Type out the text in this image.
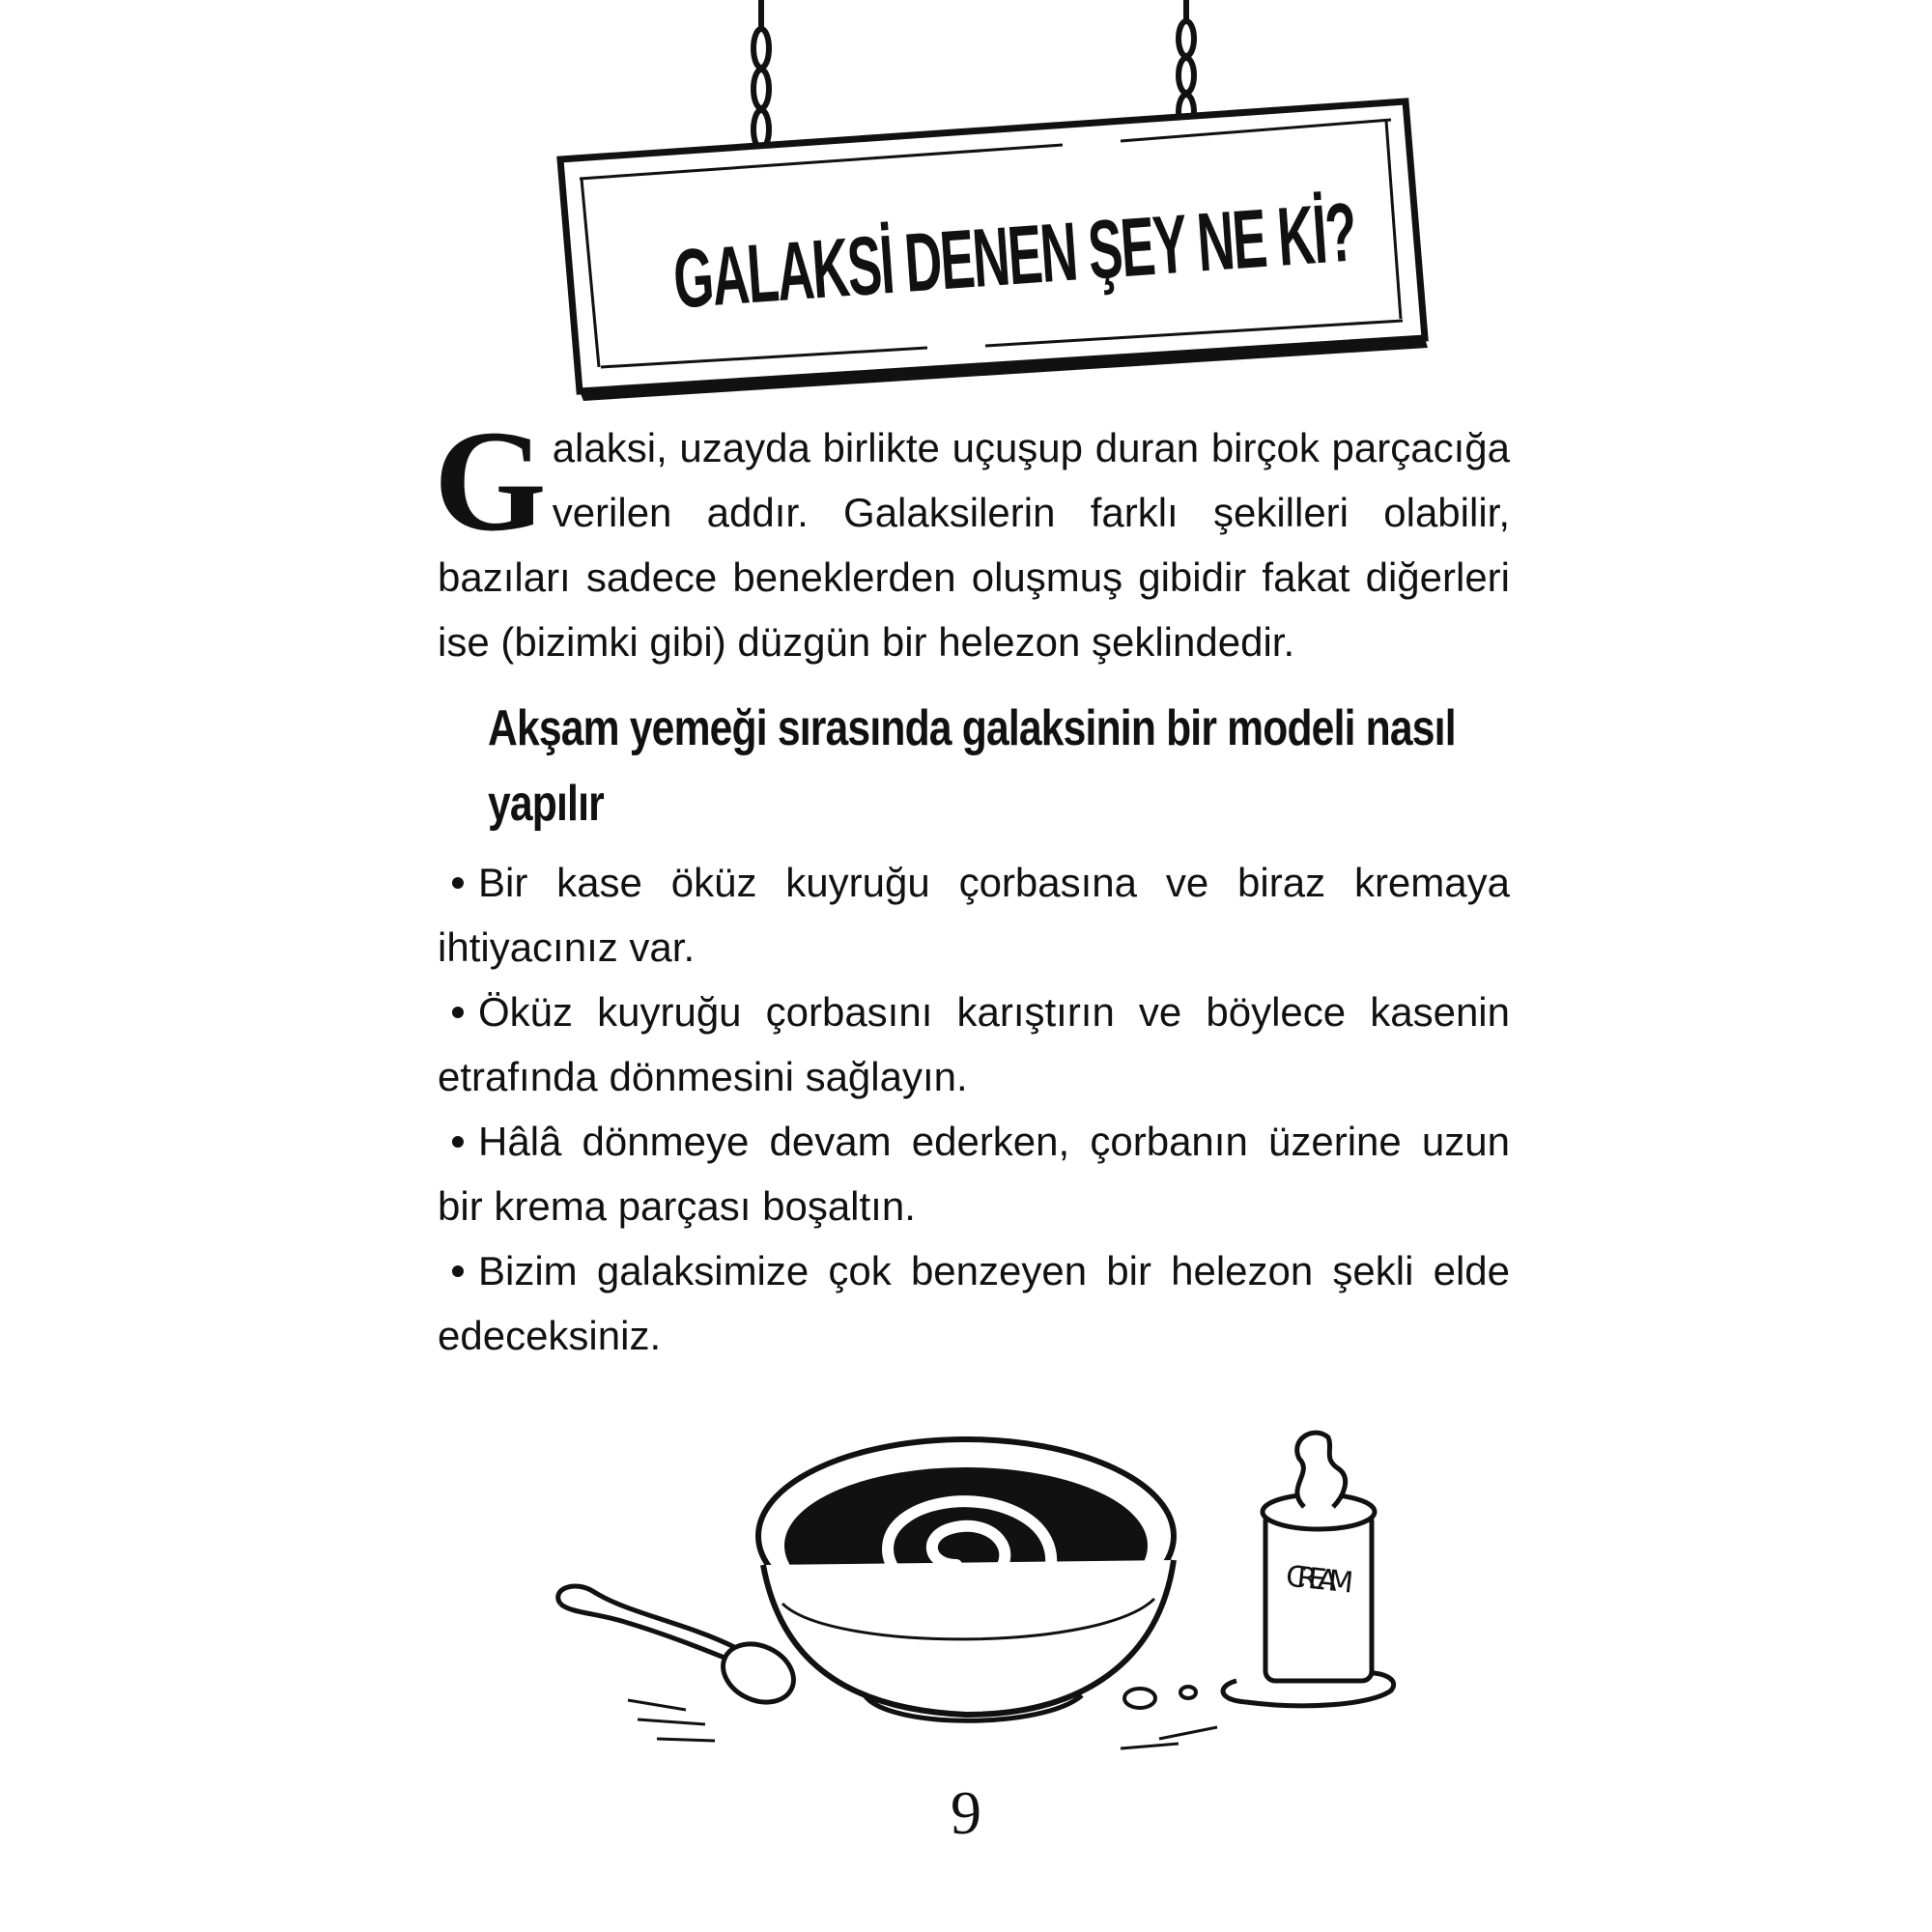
GALAKSİ DENEN ŞEY NE Kİ?
G alaksi, uzayda birlikte uçuşup duran birçok parçacığa verilen addır. Galaksilerin farklı şekilleri olabilir, bazıları sadece beneklerden oluşmuş gibidir fakat diğerleri ise (bizimki gibi) düzgün bir helezon şeklindedir.
Akşam yemeği sırasında galaksinin bir modeli nasıl yapılır
• Bir kase öküz kuyruğu çorbasına ve biraz kremaya ihtiyacınız var.
• Öküz kuyruğu çorbasını karıştırın ve böylece kasenin etrafında dönmesini sağlayın.
• Hâlâ dönmeye devam ederken, çorbanın üzerine uzun bir krema parçası boşaltın.
• Bizim galaksimize çok benzeyen bir helezon şekli elde edeceksiniz.
CREAM
9
